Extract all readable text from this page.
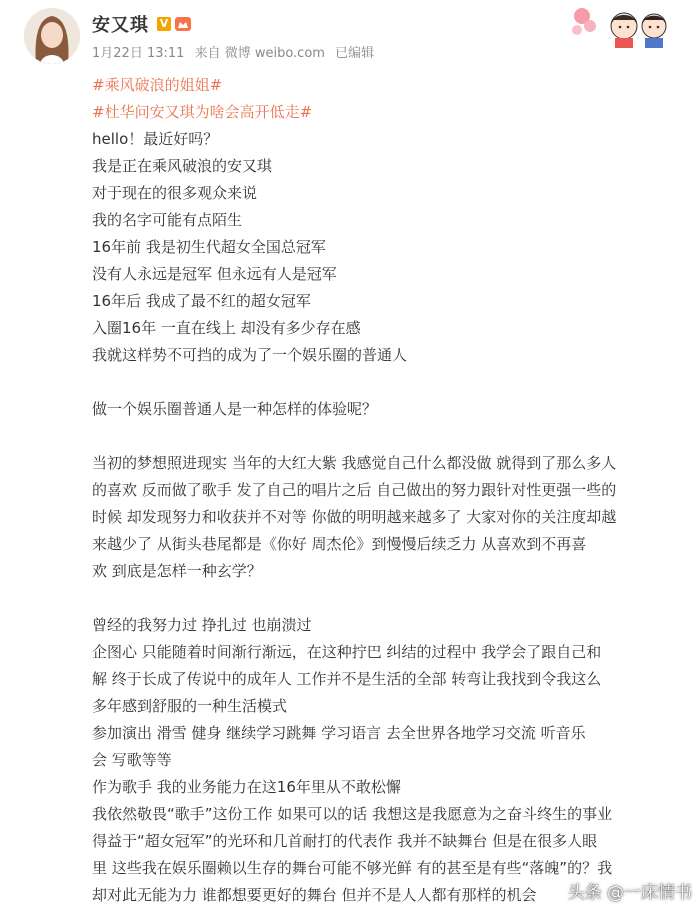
安又琪 V
1月22日 13:11 来自 微博 weibo.com 已编辑
#乘风破浪的姐姐#
#杜华问安又琪为啥会高开低走#
hello！最近好吗？
我是正在乘风破浪的安又琪
对于现在的很多观众来说
我的名字可能有点陌生
16年前 我是初生代超女全国总冠军
没有人永远是冠军 但永远有人是冠军
16年后 我成了最不红的超女冠军
入圈16年 一直在线上 却没有多少存在感
我就这样势不可挡的成为了一个娱乐圈的普通人
做一个娱乐圈普通人是一种怎样的体验呢？
当初的梦想照进现实 当年的大红大紫 我感觉自己什么都没做 就得到了那么多人
的喜欢 反而做了歌手 发了自己的唱片之后 自己做出的努力跟针对性更强一些的
时候 却发现努力和收获并不对等 你做的明明越来越多了 大家对你的关注度却越
来越少了 从街头巷尾都是《你好 周杰伦》到慢慢后续乏力 从喜欢到不再喜
欢 到底是怎样一种玄学？
曾经的我努力过 挣扎过 也崩溃过
企图心 只能随着时间渐行渐远，在这种拧巴 纠结的过程中 我学会了跟自己和
解 终于长成了传说中的成年人 工作并不是生活的全部 转弯让我找到令我这么
多年感到舒服的一种生活模式
参加演出 滑雪 健身 继续学习跳舞 学习语言 去全世界各地学习交流 听音乐
会 写歌等等
作为歌手 我的业务能力在这16年里从不敢松懈
我依然敬畏“歌手”这份工作 如果可以的话 我想这是我愿意为之奋斗终生的事业
得益于“超女冠军”的光环和几首耐打的代表作 我并不缺舞台 但是在很多人眼
里 这些我在娱乐圈赖以生存的舞台可能不够光鲜 有的甚至是有些“落魄”的？我
却对此无能为力 谁都想要更好的舞台 但并不是人人都有那样的机会	头条 @一床情书
